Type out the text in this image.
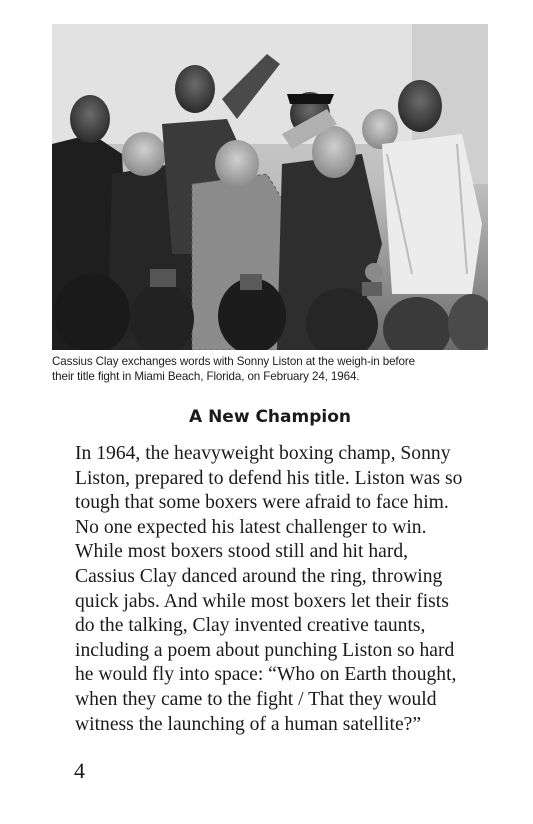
Cassius Clay exchanges words with Sonny Liston at the weigh-in before
their title fight in Miami Beach, Florida, on February 24, 1964.
A New Champion
In 1964, the heavyweight boxing champ, Sonny
Liston, prepared to defend his title. Liston was so
tough that some boxers were afraid to face him.
No one expected his latest challenger to win.
While most boxers stood still and hit hard,
Cassius Clay danced around the ring, throwing
quick jabs. And while most boxers let their fists
do the talking, Clay invented creative taunts,
including a poem about punching Liston so hard
he would fly into space: “Who on Earth thought,
when they came to the fight / That they would
witness the launching of a human satellite?”
4
